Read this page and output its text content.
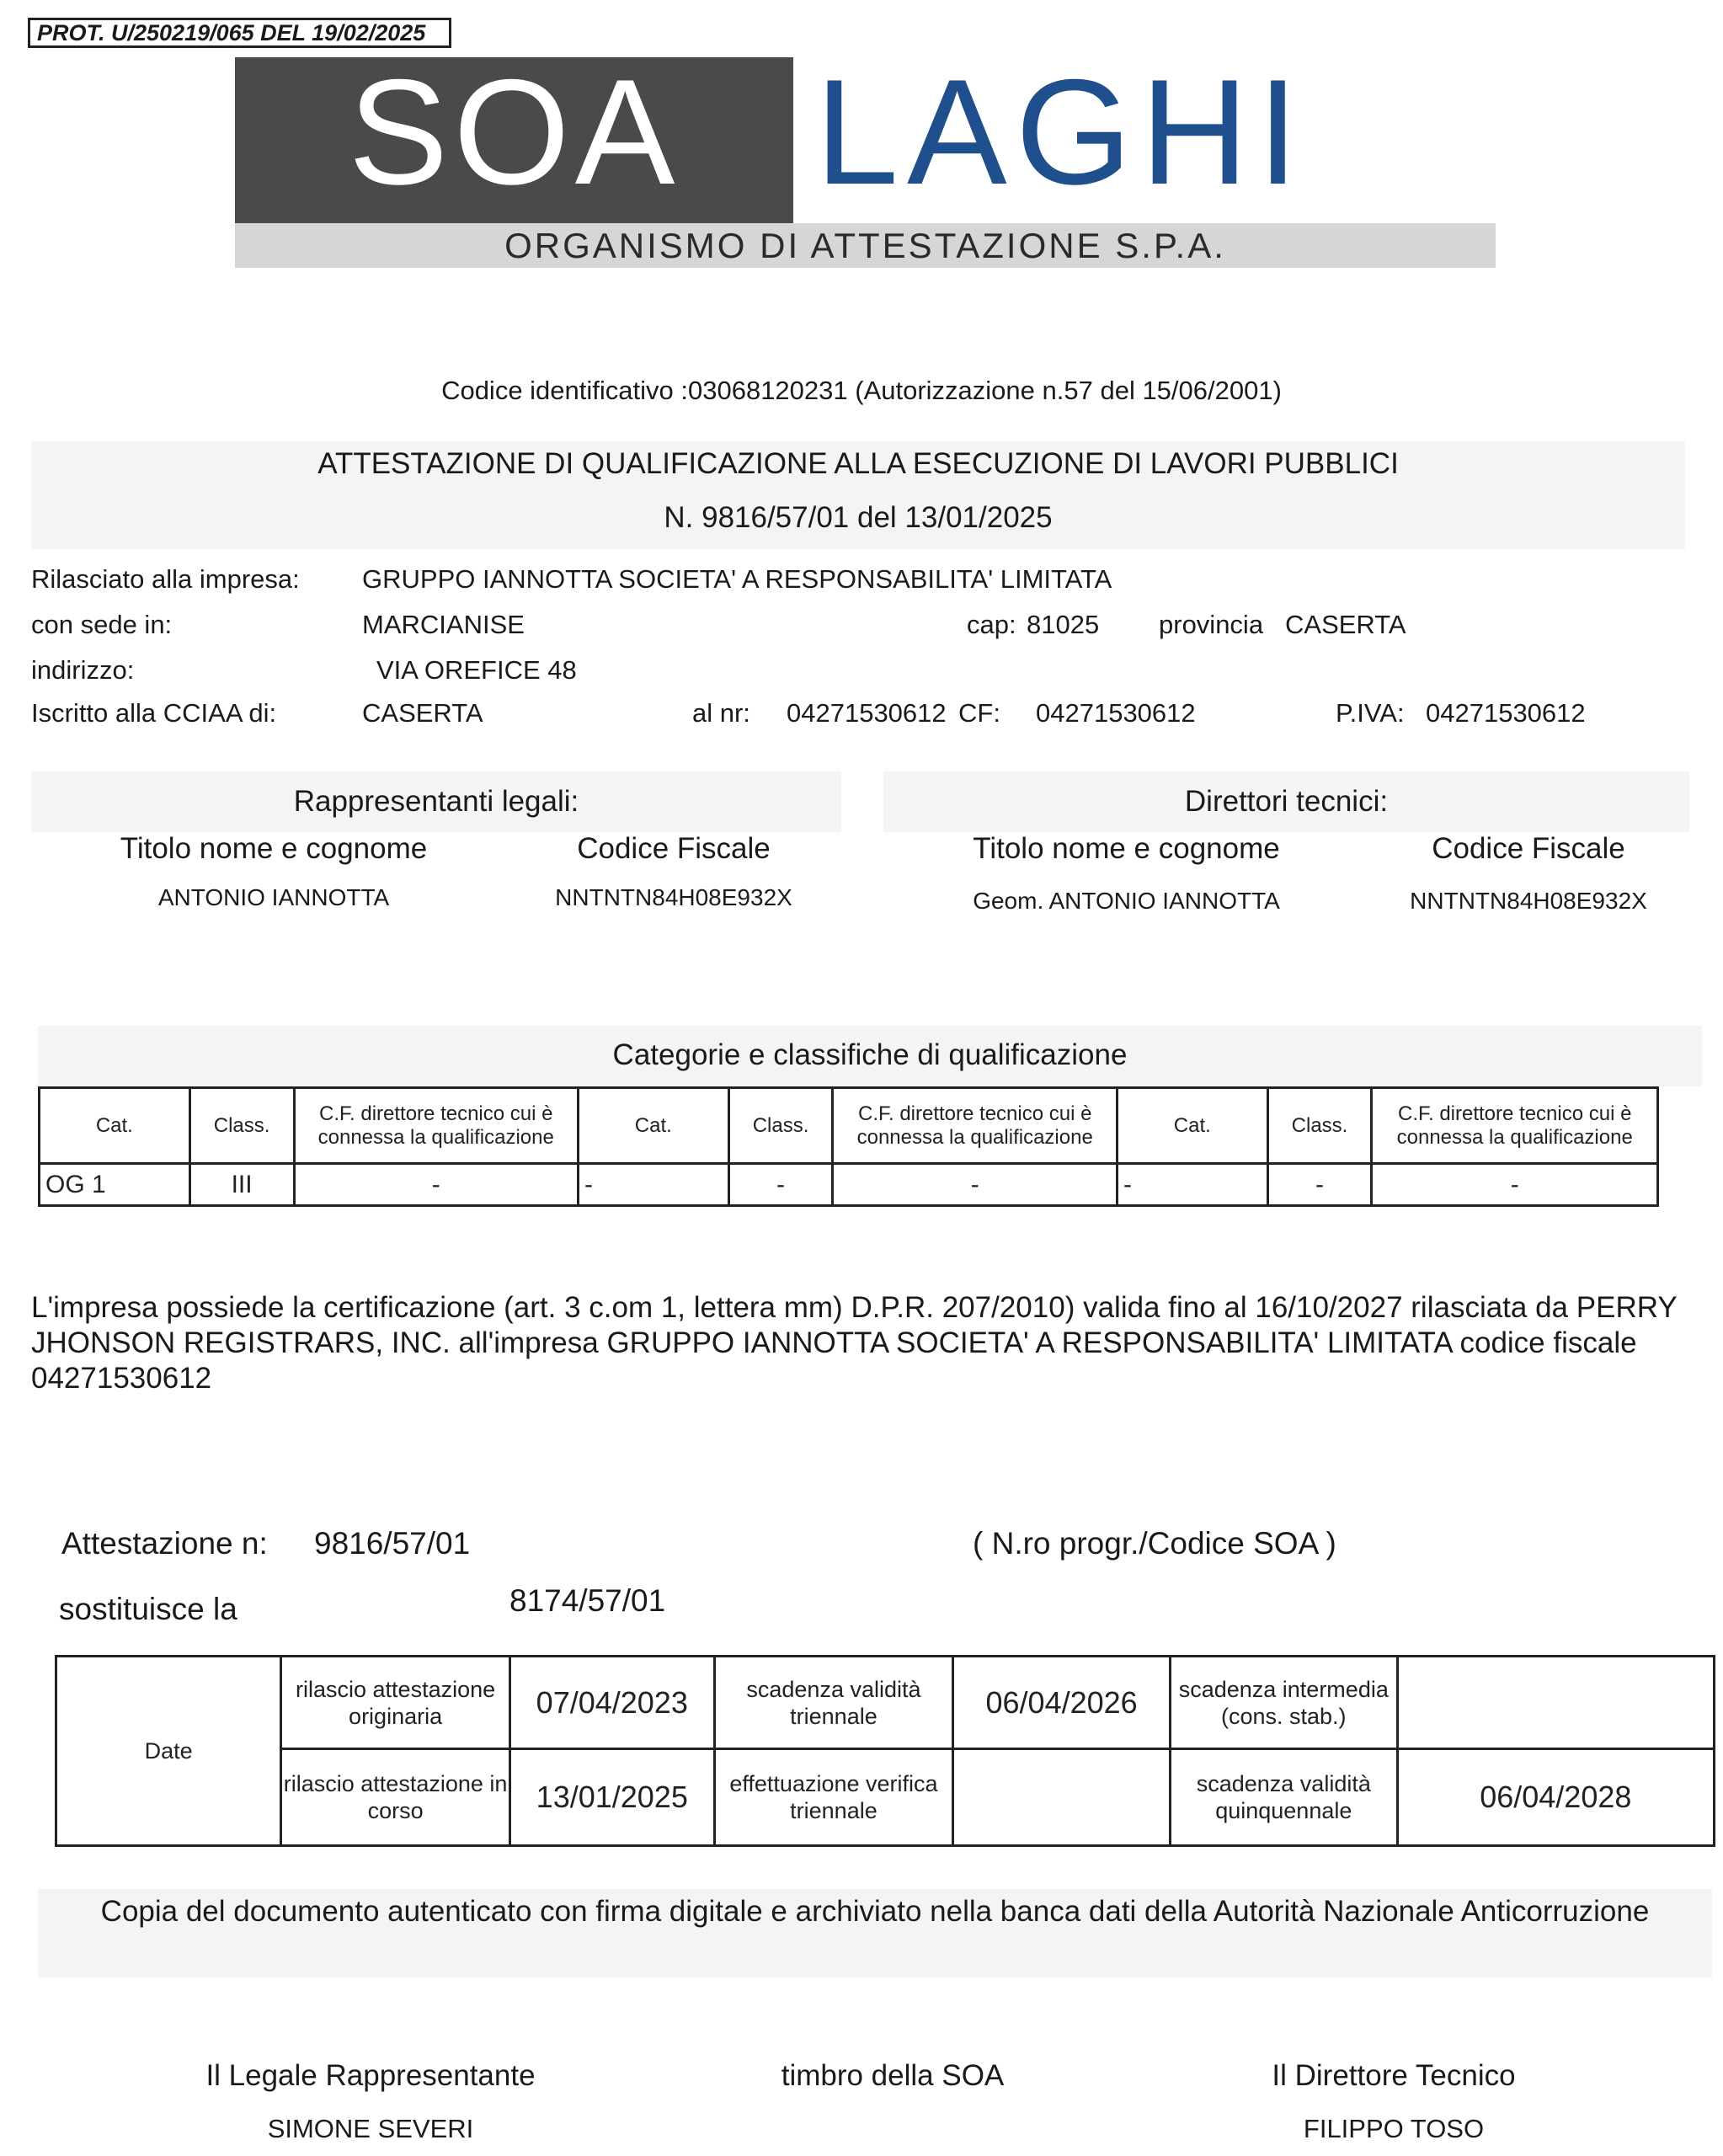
PROT. U/250219/065 DEL 19/02/2025
SOA LAGHI
ORGANISMO DI ATTESTAZIONE S.P.A.
Codice identificativo :03068120231 (Autorizzazione n.57 del 15/06/2001)
ATTESTAZIONE DI QUALIFICAZIONE ALLA ESECUZIONE DI LAVORI PUBBLICI
N. 9816/57/01 del 13/01/2025
Rilasciato alla impresa: GRUPPO IANNOTTA SOCIETA' A RESPONSABILITA' LIMITATA
con sede in:	MARCIANISE	cap: 81025 provincia CASERTA
indirizzo:	VIA OREFICE 48
Iscritto alla CCIAA di:	CASERTA	al nr: 04271530612 CF: 04271530612	P.IVA: 04271530612
Rappresentanti legali:
Titolo nome e cognome	Codice Fiscale
ANTONIO IANNOTTA	NNTNTN84H08E932X
Direttori tecnici:
Titolo nome e cognome	Codice Fiscale
Geom. ANTONIO IANNOTTA	NNTNTN84H08E932X
Categorie e classifiche di qualificazione
Cat.	Class.	C.F. direttore tecnico cui è connessa la qualificazione	Cat.	Class.	C.F. direttore tecnico cui è connessa la qualificazione	Cat.	Class.	C.F. direttore tecnico cui è connessa la qualificazione
OG 1	III	-	-	-	-	-	-	-
L'impresa possiede la certificazione (art. 3 c.om 1, lettera mm) D.P.R. 207/2010) valida fino al 16/10/2027 rilasciata da PERRY JHONSON REGISTRARS, INC. all'impresa GRUPPO IANNOTTA SOCIETA' A RESPONSABILITA' LIMITATA codice fiscale 04271530612
Attestazione n: 9816/57/01	( N.ro progr./Codice SOA )
sostituisce la	8174/57/01
Date	rilascio attestazione originaria	07/04/2023	scadenza validità triennale	06/04/2026	scadenza intermedia (cons. stab.)	
	rilascio attestazione in corso	13/01/2025	effettuazione verifica triennale		scadenza validità quinquennale	06/04/2028
Copia del documento autenticato con firma digitale e archiviato nella banca dati della Autorità Nazionale Anticorruzione
Il Legale Rappresentante
SIMONE SEVERI
timbro della SOA	Il Direttore Tecnico
FILIPPO TOSO
